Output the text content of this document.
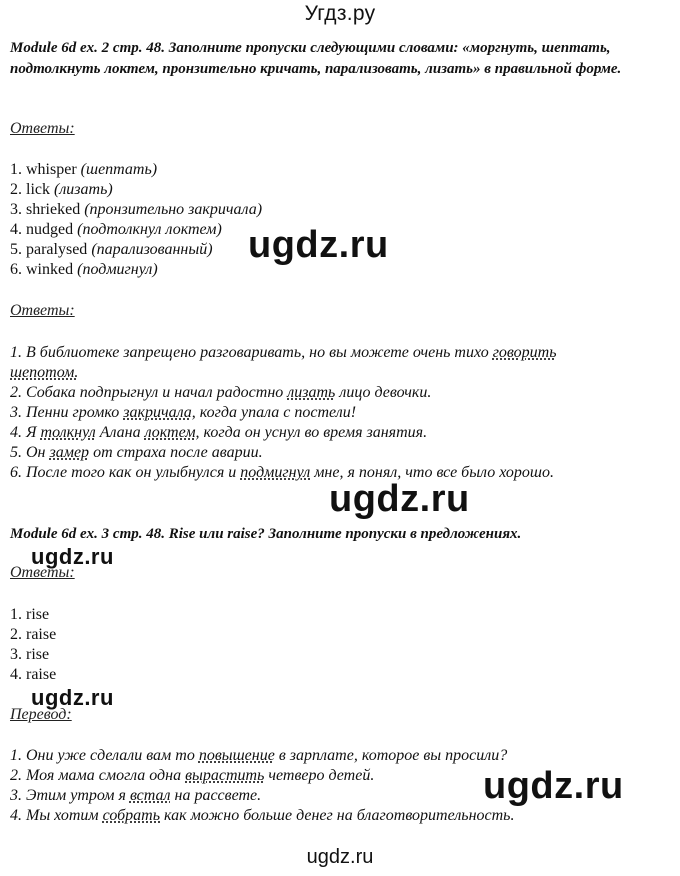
Угдз.ру
Module 6d ex. 2 стр. 48. Заполните пропуски следующими словами: «моргнуть, шептать, подтолкнуть локтем, пронзительно кричать, парализовать, лизать» в правильной форме.
Ответы:
1. whisper (шептать)
2. lick (лизать)
3. shrieked (пронзительно закричала)
4. nudged (подтолкнул локтем)
5. paralysed (парализованный)
6. winked (подмигнул)
Ответы:
1. В библиотеке запрещено разговаривать, но вы можете очень тихо говорить
шепотом.
2. Собака подпрыгнул и начал радостно лизать лицо девочки.
3. Пенни громко закричала, когда упала с постели!
4. Я толкнул Алана локтем, когда он уснул во время занятия.
5. Он замер от страха после аварии.
6. После того как он улыбнулся и подмигнул мне, я понял, что все было хорошо.
Module 6d ex. 3 стр. 48. Rise или raise? Заполните пропуски в предложениях.
Ответы:
1. rise
2. raise
3. rise
4. raise
Перевод:
1. Они уже сделали вам то повышение в зарплате, которое вы просили?
2. Моя мама смогла одна вырастить четверо детей.
3. Этим утром я встал на рассвете.
4. Мы хотим собрать как можно больше денег на благотворительность.
ugdz.ru
ugdz.ru
ugdz.ru
ugdz.ru
ugdz.ru
ugdz.ru
